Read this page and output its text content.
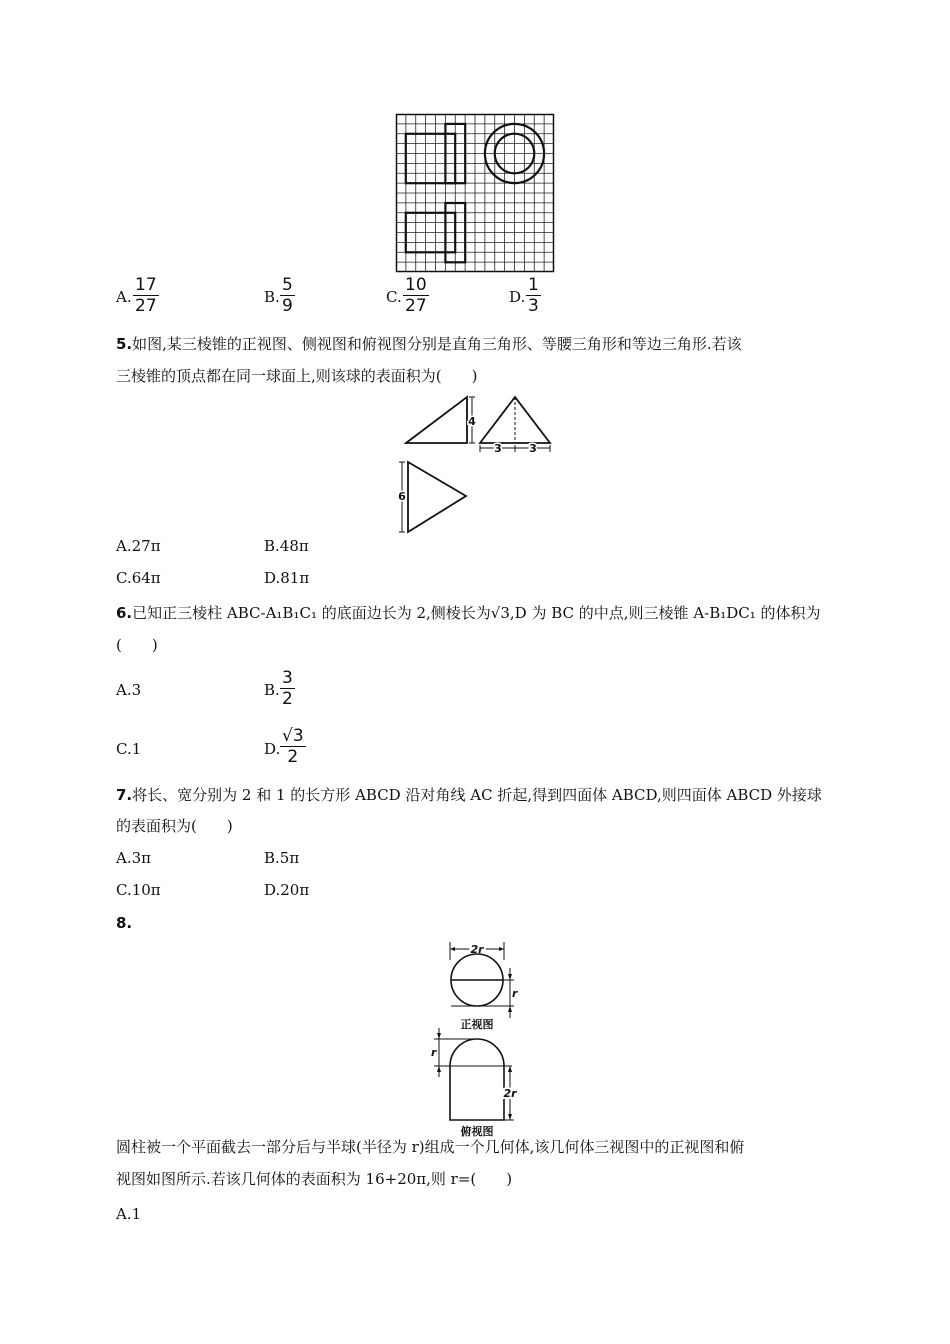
A.
17
27	B.
5
9	C.
10
27	D.
1
3
5.如图,某三棱锥的正视图、侧视图和俯视图分别是直角三角形、等腰三角形和等边三角形.若该
三棱锥的顶点都在同一球面上,则该球的表面积为(　　)
4
3 3
6
A.27π	B.48π
C.64π	D.81π
6.已知正三棱柱 ABC-A₁B₁C₁ 的底面边长为 2,侧棱长为√3,D 为 BC 的中点,则三棱锥 A-B₁DC₁ 的体积为
(　　)
A.3	B.
3
2
C.1	D.
√3
2
7.将长、宽分别为 2 和 1 的长方形 ABCD 沿对角线 AC 折起,得到四面体 ABCD,则四面体 ABCD 外接球
的表面积为(　　)
A.3π	B.5π
C.10π	D.20π
8.
2r
r
正视图
r
2r
俯视图
圆柱被一个平面截去一部分后与半球(半径为 r)组成一个几何体,该几何体三视图中的正视图和俯
视图如图所示.若该几何体的表面积为 16+20π,则 r=(　　)
A.1
